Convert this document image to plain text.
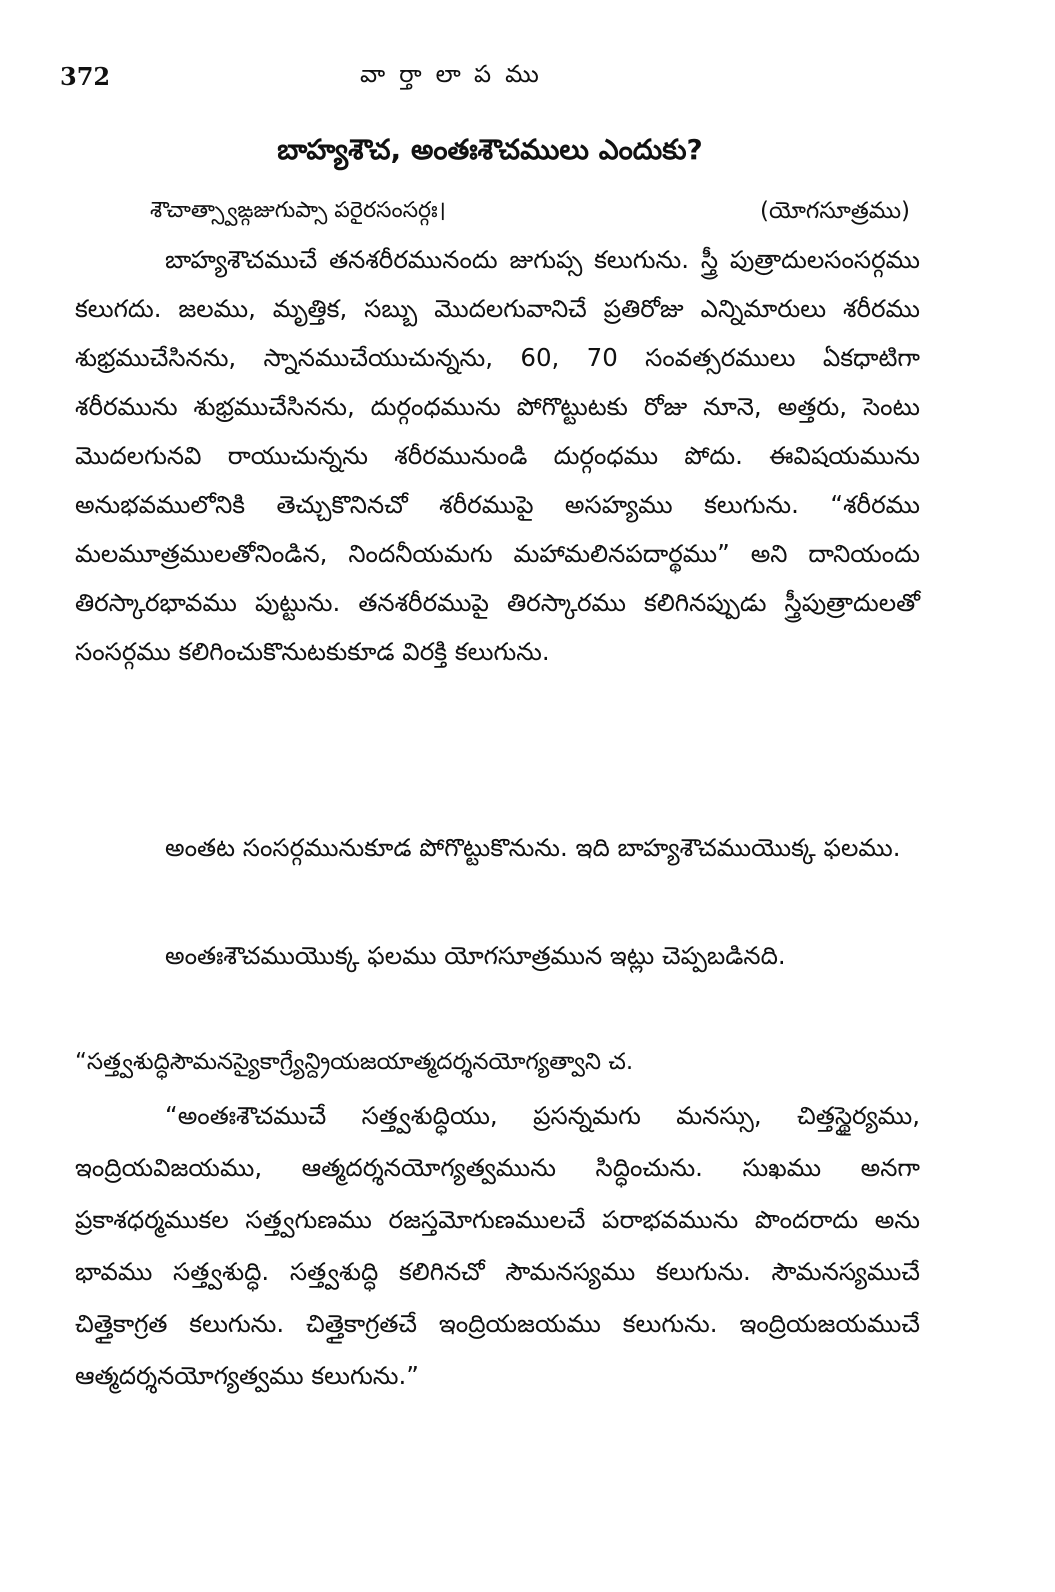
372	వార్తాలాపము
బాహ్యశౌచ, అంతఃశౌచములు ఎందుకు?
శౌచాత్స్వాఙ్గజుగుప్సా పరైరసంసర్గః।	(యోగసూత్రము)
బాహ్యశౌచముచే తనశరీరమునందు జుగుప్స కలుగును. స్త్రీ పుత్రాదులసంసర్గము కలుగదు. జలము, మృత్తిక, సబ్బు మొదలగువానిచే ప్రతిరోజు ఎన్నిమారులు శరీరము శుభ్రముచేసినను, స్నానముచేయుచున్నను, 60, 70 సంవత్సరములు ఏకధాటిగా శరీరమును శుభ్రముచేసినను, దుర్గంధమును పోగొట్టుటకు రోజు నూనె, అత్తరు, సెంటు మొదలగునవి రాయుచున్నను శరీరమునుండి దుర్గంధము పోదు. ఈవిషయమును అనుభవములోనికి తెచ్చుకొనినచో శరీరముపై అసహ్యము కలుగును. “శరీరము మలమూత్రములతోనిండిన, నిందనీయమగు మహామలినపదార్థము” అని దానియందు తిరస్కారభావము పుట్టును. తనశరీరముపై తిరస్కారము కలిగినప్పుడు స్త్రీపుత్రాదులతో సంసర్గము కలిగించుకొనుటకుకూడ విరక్తి కలుగును.
అంతట సంసర్గమునుకూడ పోగొట్టుకొనును. ఇది బాహ్యశౌచముయొక్క ఫలము.
అంతఃశౌచముయొక్క ఫలము యోగసూత్రమున ఇట్లు చెప్పబడినది.
“సత్త్వశుద్ధిసౌమనస్యైకాగ్ర్యేన్ద్రియజయాత్మదర్శనయోగ్యత్వాని చ.
“అంతఃశౌచముచే సత్త్వశుద్ధియు, ప్రసన్నమగు మనస్సు, చిత్తస్థైర్యము, ఇంద్రియవిజయము, ఆత్మదర్శనయోగ్యత్వమును సిద్ధించును. సుఖము అనగా ప్రకాశధర్మముకల సత్త్వగుణము రజస్తమోగుణములచే పరాభవమును పొందరాదు అను భావము సత్త్వశుద్ధి. సత్త్వశుద్ధి కలిగినచో సౌమనస్యము కలుగును. సౌమనస్యముచే చిత్తైకాగ్రత కలుగును. చిత్తైకాగ్రతచే ఇంద్రియజయము కలుగును. ఇంద్రియజయముచే ఆత్మదర్శనయోగ్యత్వము కలుగును.”
